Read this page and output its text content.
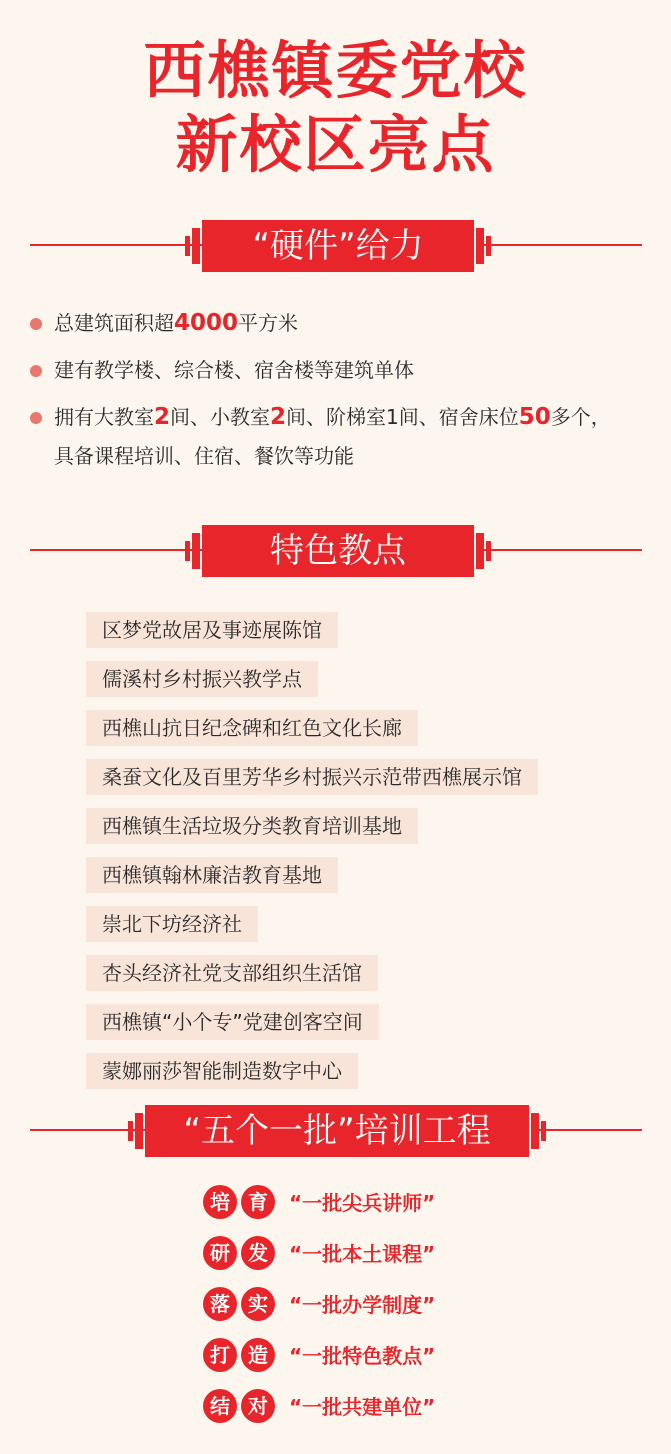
西樵镇委党校
新校区亮点
“硬件”给力
总建筑面积超4000平方米
建有教学楼、综合楼、宿舍楼等建筑单体
拥有大教室2间、小教室2间、阶梯室1间、宿舍床位50多个，
具备课程培训、住宿、餐饮等功能
特色教点
区梦党故居及事迹展陈馆
儒溪村乡村振兴教学点
西樵山抗日纪念碑和红色文化长廊
桑蚕文化及百里芳华乡村振兴示范带西樵展示馆
西樵镇生活垃圾分类教育培训基地
西樵镇翰林廉洁教育基地
崇北下坊经济社
杏头经济社党支部组织生活馆
西樵镇“小个专”党建创客空间
蒙娜丽莎智能制造数字中心
“五个一批”培训工程
培 育	“一批尖兵讲师”
研 发	“一批本土课程”
落 实	“一批办学制度”
打 造	“一批特色教点”
结 对	“一批共建单位”
